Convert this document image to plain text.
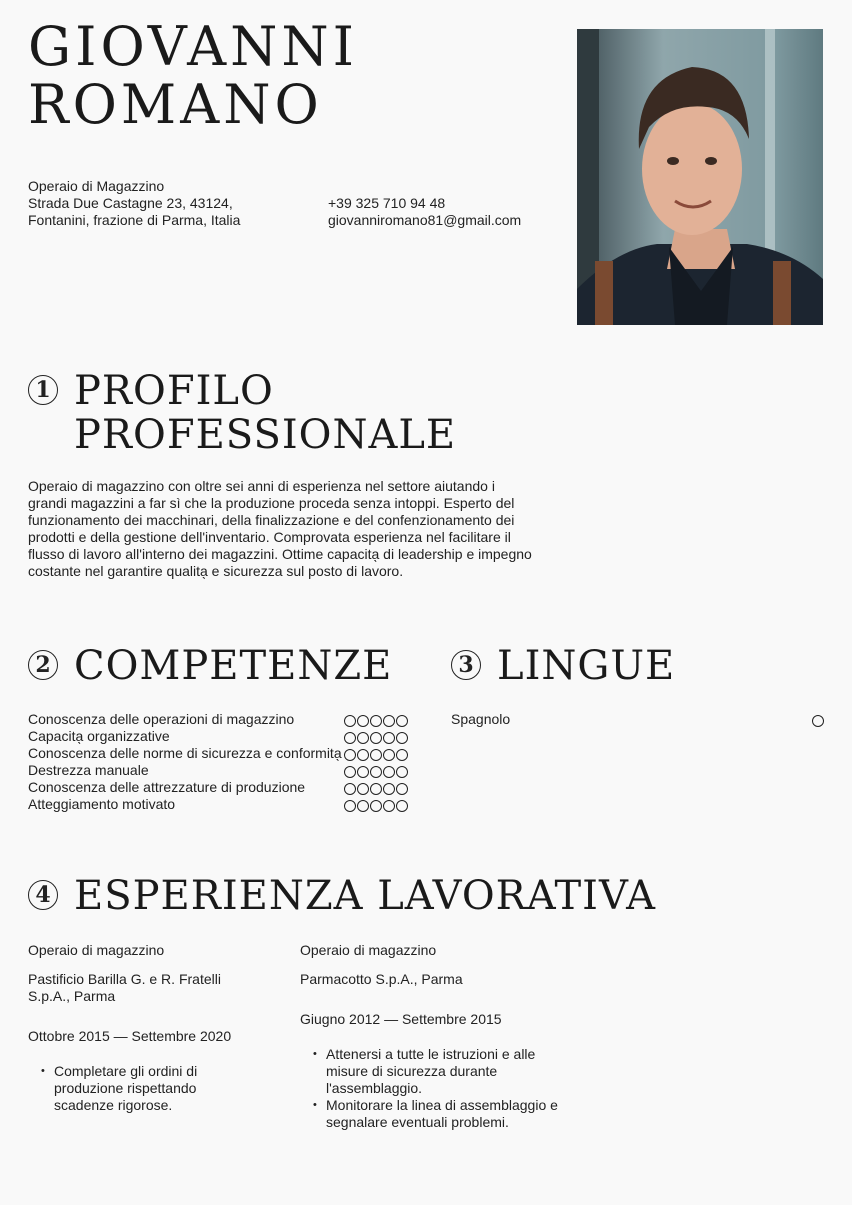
GIOVANNI
ROMANO
Operaio di Magazzino
Strada Due Castagne 23, 43124,
Fontanini, frazione di Parma, Italia
+39 325 710 94 48
giovanniromano81@gmail.com
1 PROFILO
PROFESSIONALE

Operaio di magazzino con oltre sei anni di esperienza nel settore aiutando i grandi magazzini a far sì che la produzione proceda senza intoppi. Esperto del funzionamento dei macchinari, della finalizzazione e del confenzionamento dei prodotti e della gestione dell'inventario. Comprovata esperienza nel facilitare il flusso di lavoro all'interno dei magazzini. Ottime capacita̖ di leadership e impegno costante nel garantire qualita̖ e sicurezza sul posto di lavoro.

2 COMPETENZE
Conoscenza delle operazioni di magazzino
Capacita̖ organizzative
Conoscenza delle norme di sicurezza e conformita̖
Destrezza manuale
Conoscenza delle attrezzature di produzione
Atteggiamento motivato
3 LINGUE
Spagnolo
4 ESPERIENZA LAVORATIVA
Operaio di magazzino
Pastificio Barilla G. e R. Fratelli S.p.A., Parma
Ottobre 2015 — Settembre 2020
• Completare gli ordini di produzione rispettando scadenze rigorose.
Operaio di magazzino
Parmacotto S.p.A., Parma
Giugno 2012 — Settembre 2015
• Attenersi a tutte le istruzioni e alle misure di sicurezza durante l'assemblaggio.
• Monitorare la linea di assemblaggio e segnalare eventuali problemi.
